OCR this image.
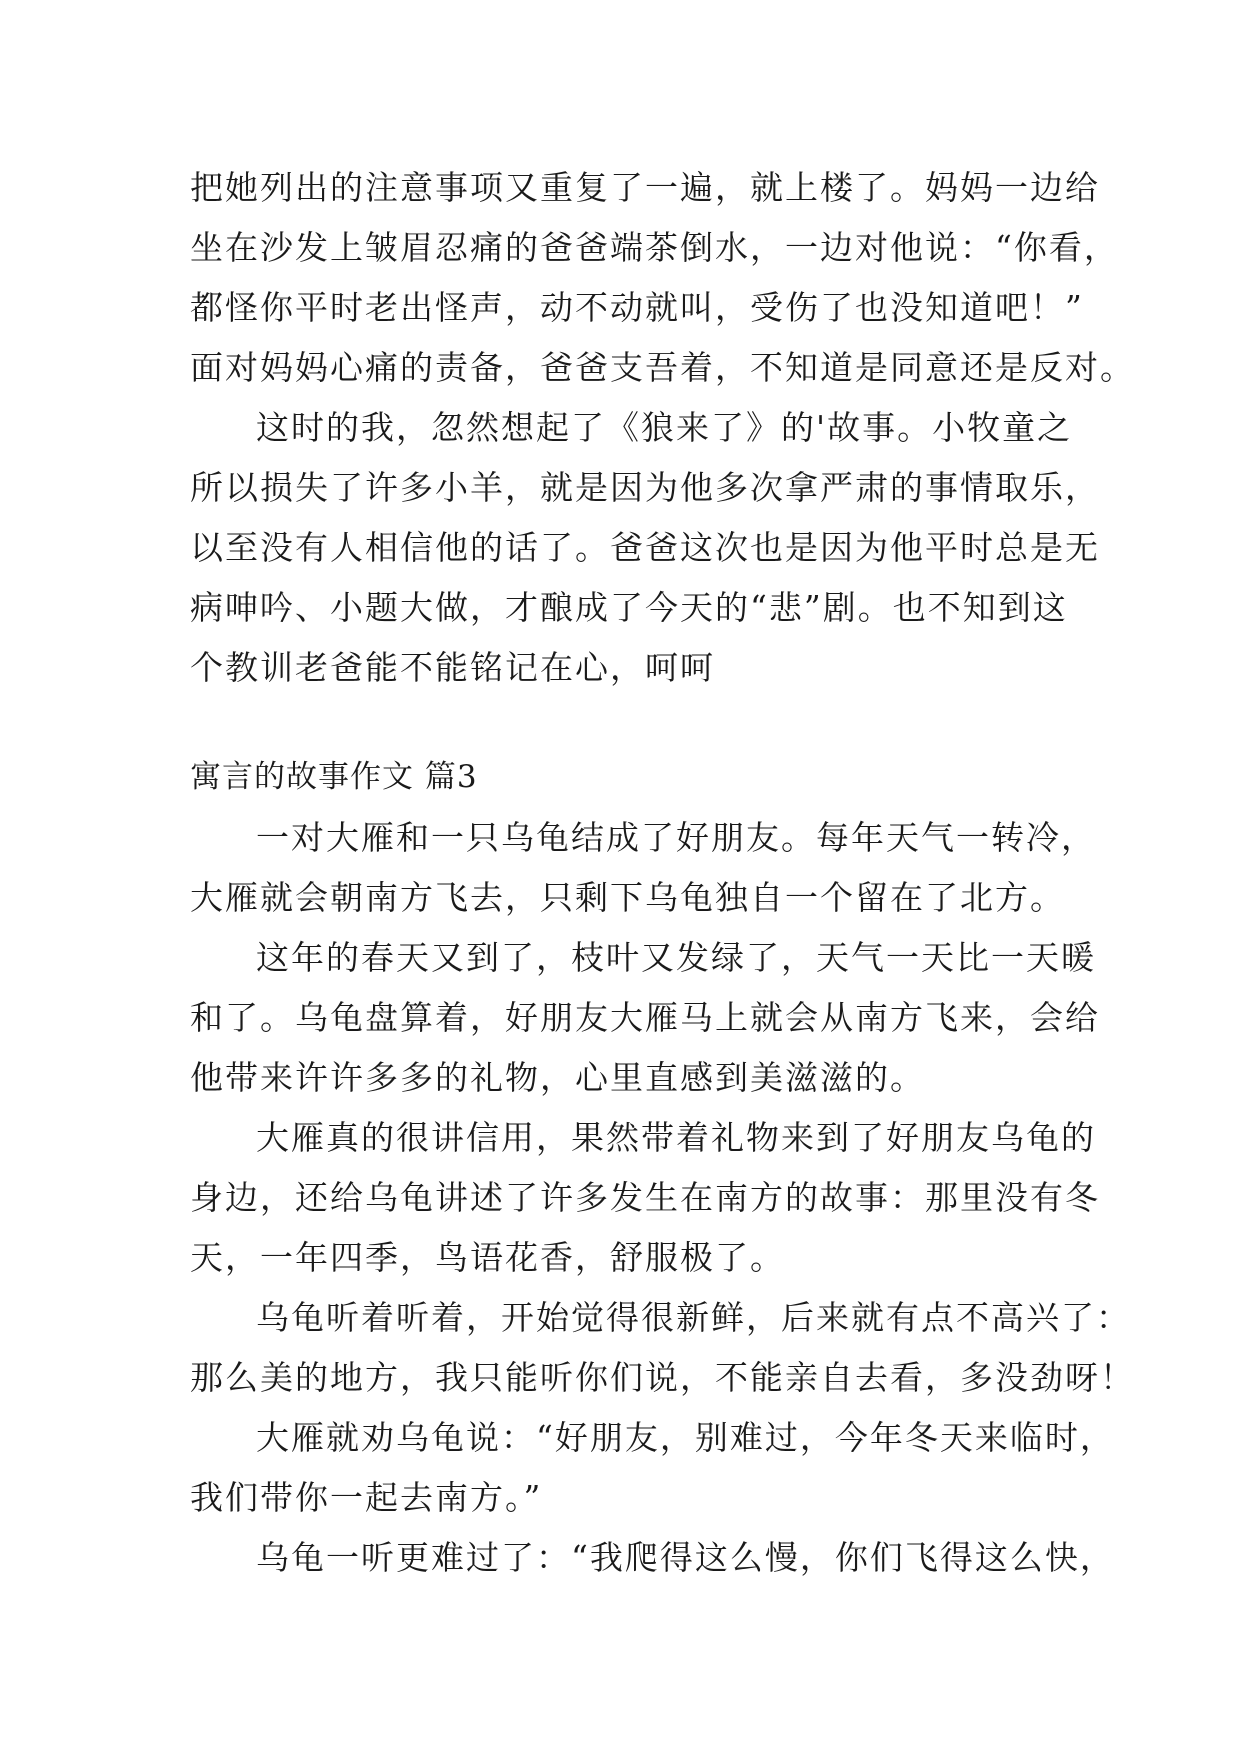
把她列出的注意事项又重复了一遍，就上楼了。妈妈一边给
坐在沙发上皱眉忍痛的爸爸端茶倒水，一边对他说：“你看，
都怪你平时老出怪声，动不动就叫，受伤了也没知道吧！”
面对妈妈心痛的责备，爸爸支吾着，不知道是同意还是反对。
这时的我，忽然想起了《狼来了》的'故事。小牧童之
所以损失了许多小羊，就是因为他多次拿严肃的事情取乐，
以至没有人相信他的话了。爸爸这次也是因为他平时总是无
病呻吟、小题大做，才酿成了今天的“悲”剧。也不知到这
个教训老爸能不能铭记在心，呵呵
寓言的故事作文 篇3
一对大雁和一只乌龟结成了好朋友。每年天气一转冷，
大雁就会朝南方飞去，只剩下乌龟独自一个留在了北方。
这年的春天又到了，枝叶又发绿了，天气一天比一天暖
和了。乌龟盘算着，好朋友大雁马上就会从南方飞来，会给
他带来许许多多的礼物，心里直感到美滋滋的。
大雁真的很讲信用，果然带着礼物来到了好朋友乌龟的
身边，还给乌龟讲述了许多发生在南方的故事：那里没有冬
天，一年四季，鸟语花香，舒服极了。
乌龟听着听着，开始觉得很新鲜，后来就有点不高兴了：
那么美的地方，我只能听你们说，不能亲自去看，多没劲呀！
大雁就劝乌龟说：“好朋友，别难过，今年冬天来临时，
我们带你一起去南方。”
乌龟一听更难过了：“我爬得这么慢，你们飞得这么快，
